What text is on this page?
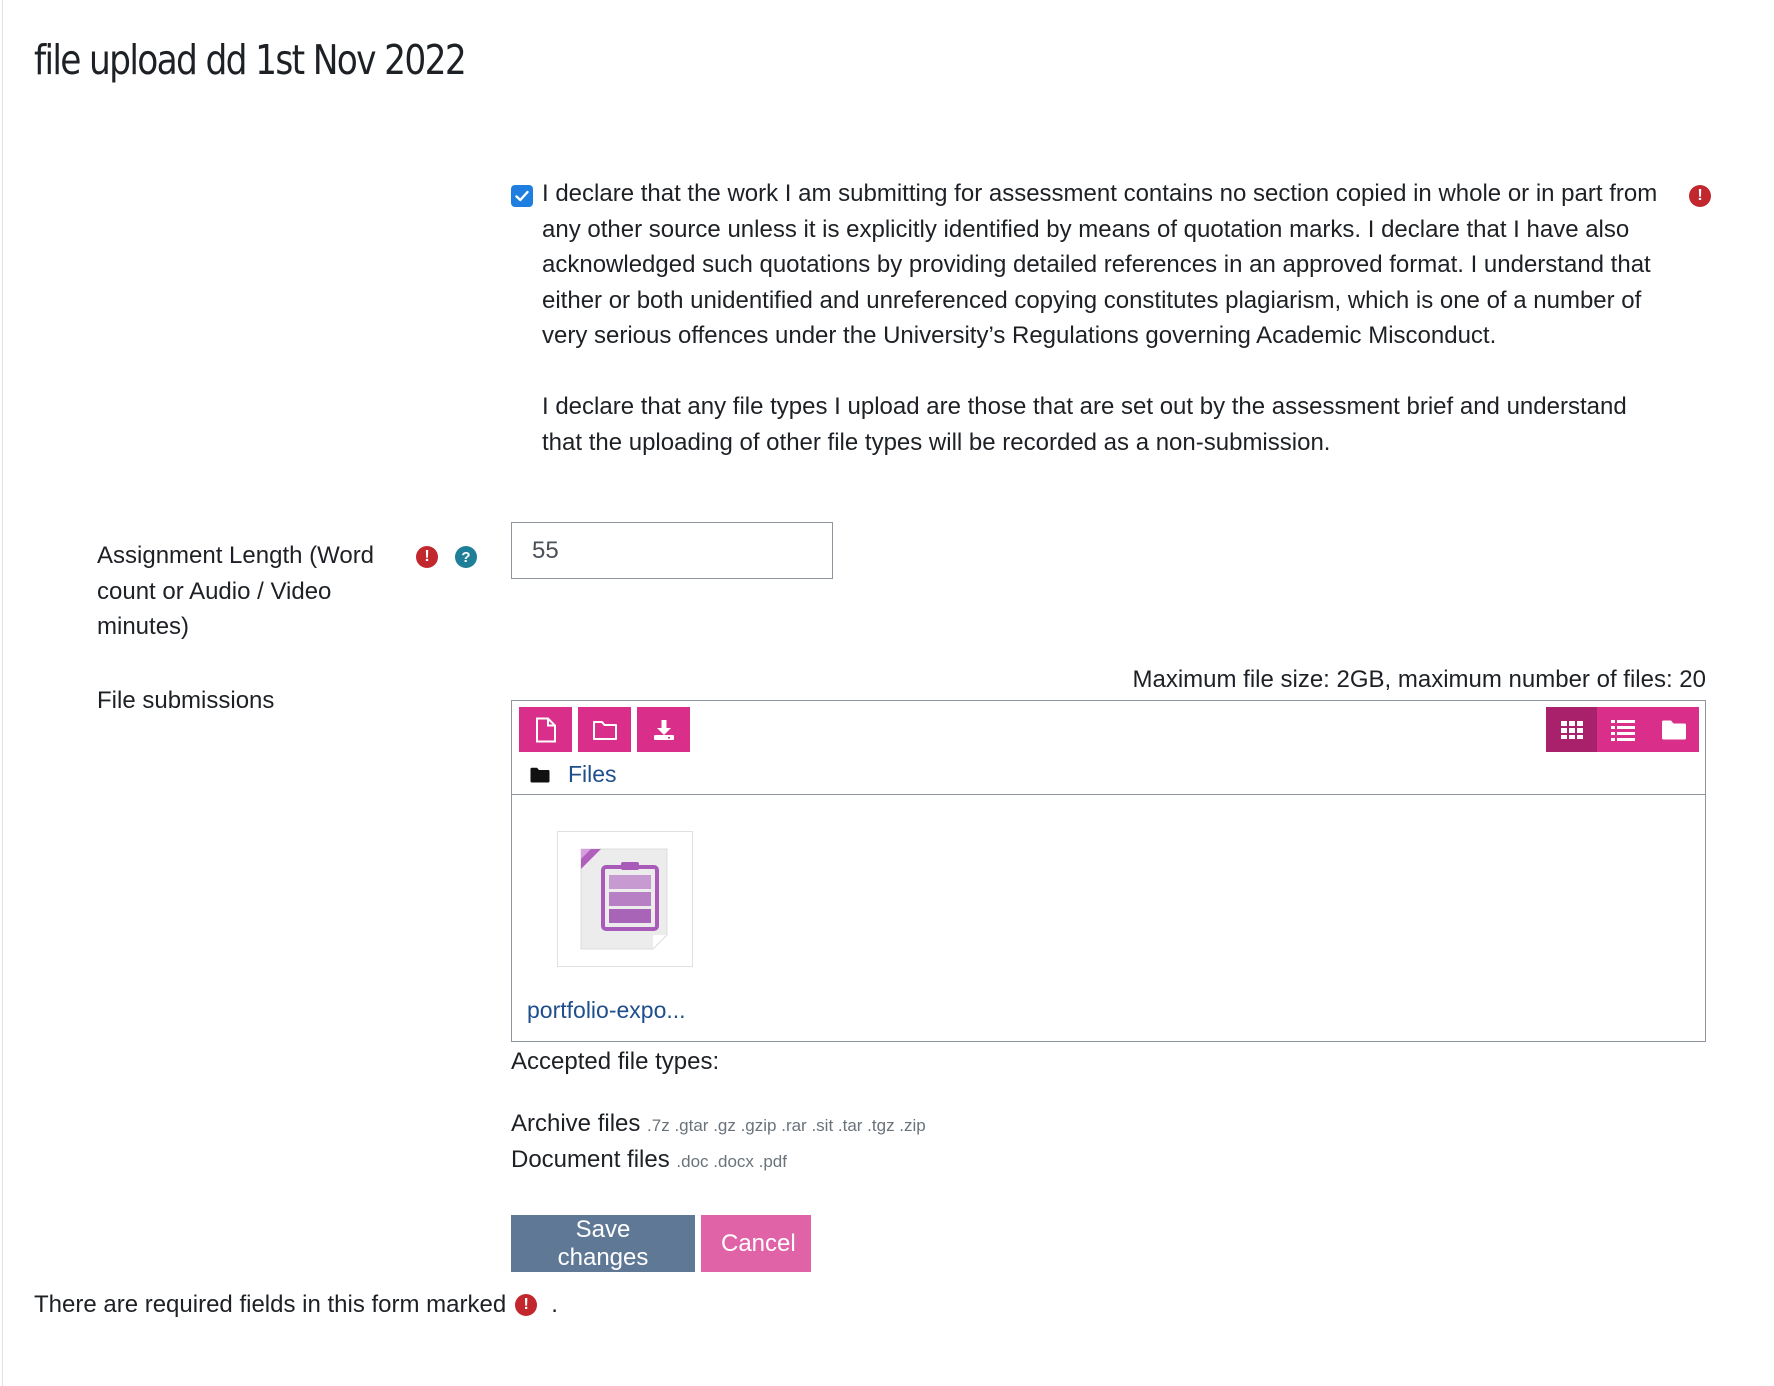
file upload dd 1st Nov 2022

I declare that the work I am submitting for assessment contains no section copied in whole or in part from any other source unless it is explicitly identified by means of quotation marks. I declare that I have also acknowledged such quotations by providing detailed references in an approved format. I understand that either or both unidentified and unreferenced copying constitutes plagiarism, which is one of a number of very serious offences under the University’s Regulations governing Academic Misconduct.

I declare that any file types I upload are those that are set out by the assessment brief and understand that the uploading of other file types will be recorded as a non-submission.

!
Assignment Length (Word count or Audio / Video minutes)
!	?
55
File submissions
Maximum file size: 2GB, maximum number of files: 20
Files
portfolio-expo...
Accepted file types:
Archive files .7z .gtar .gz .gzip .rar .sit .tar .tgz .zip
Document files .doc .docx .pdf
Save changes
Cancel
There are required fields in this form marked	! .
